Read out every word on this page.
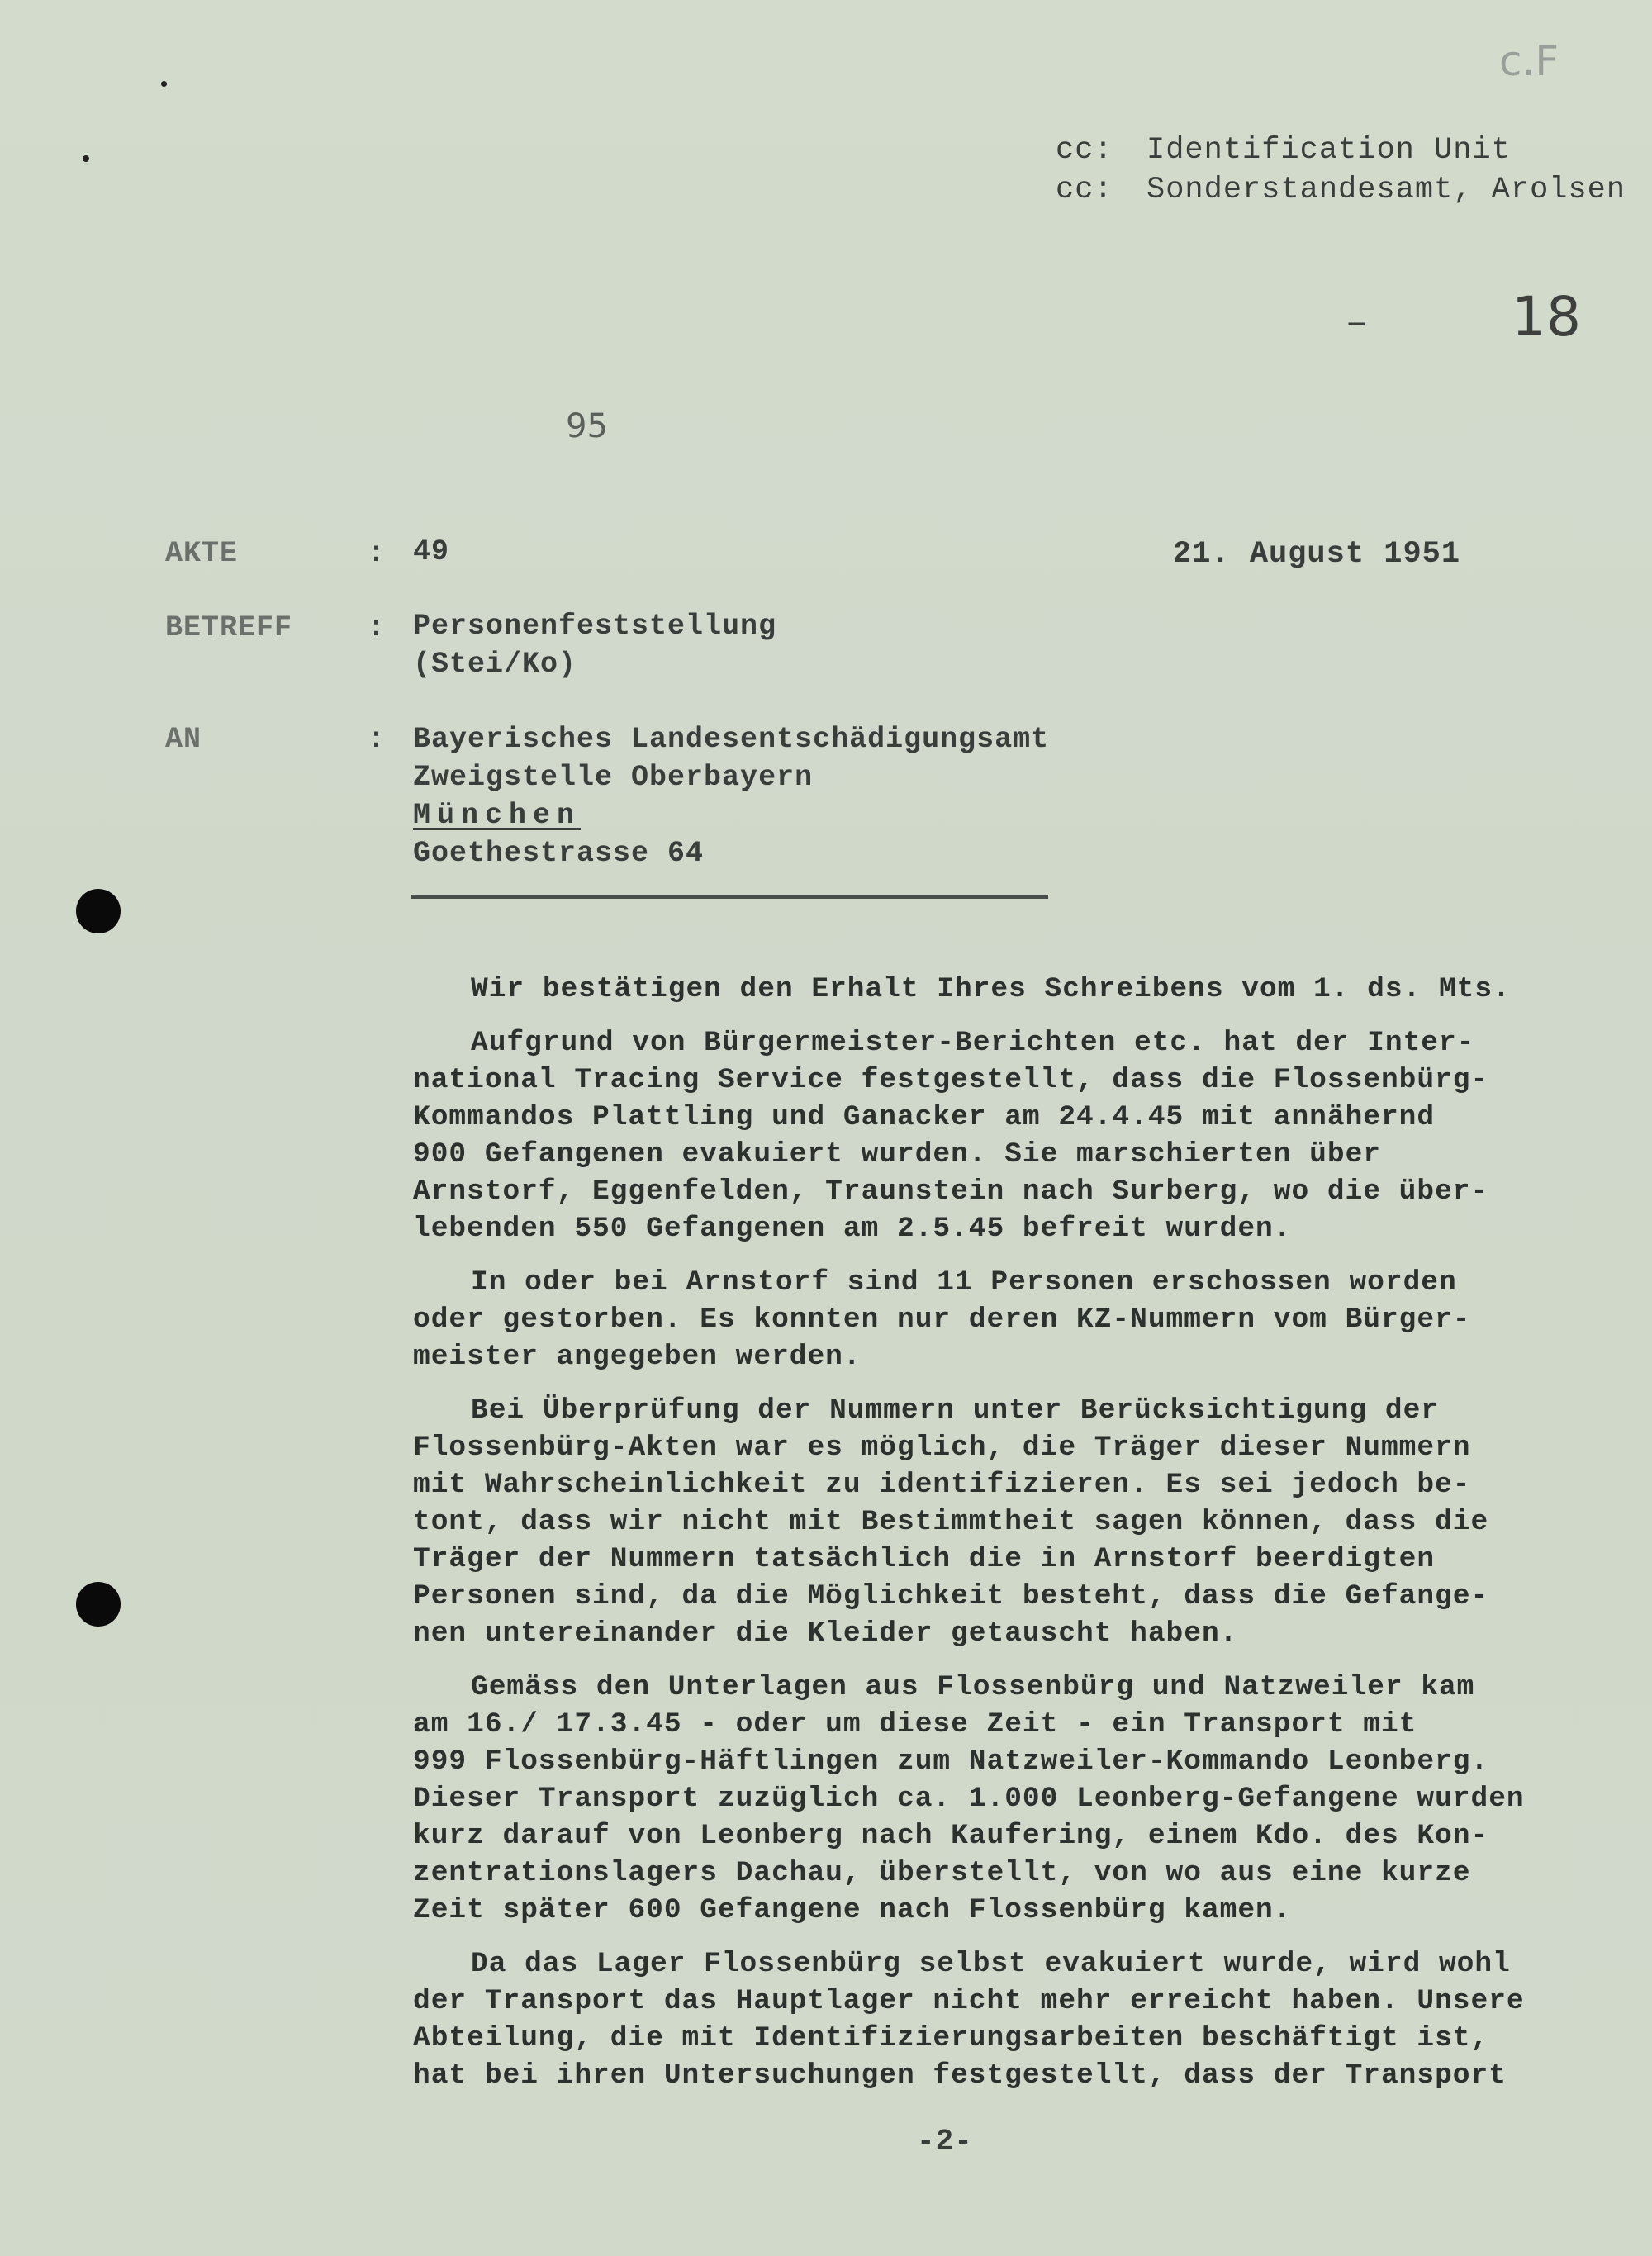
c.F
18
–
95
cc: Identification Unit
cc: Sonderstandesamt, Arolsen
AKTE	: 49	21. August 1951
BETREFF	: Personenfeststellung
(Stei/Ko)
AN	: Bayerisches Landesentschädigungsamt
Zweigstelle Oberbayern
München
Goethestrasse 64

Wir bestätigen den Erhalt Ihres Schreibens vom 1. ds. Mts.

Aufgrund von Bürgermeister-Berichten etc. hat der Inter-
national Tracing Service festgestellt, dass die Flossenbürg-
Kommandos Plattling und Ganacker am 24.4.45 mit annähernd
900 Gefangenen evakuiert wurden. Sie marschierten über
Arnstorf, Eggenfelden, Traunstein nach Surberg, wo die über-
lebenden 550 Gefangenen am 2.5.45 befreit wurden.

In oder bei Arnstorf sind 11 Personen erschossen worden
oder gestorben. Es konnten nur deren KZ-Nummern vom Bürger-
meister angegeben werden.

Bei Überprüfung der Nummern unter Berücksichtigung der
Flossenbürg-Akten war es möglich, die Träger dieser Nummern
mit Wahrscheinlichkeit zu identifizieren. Es sei jedoch be-
tont, dass wir nicht mit Bestimmtheit sagen können, dass die
Träger der Nummern tatsächlich die in Arnstorf beerdigten
Personen sind, da die Möglichkeit besteht, dass die Gefange-
nen untereinander die Kleider getauscht haben.

Gemäss den Unterlagen aus Flossenbürg und Natzweiler kam
am 16./ 17.3.45 - oder um diese Zeit - ein Transport mit
999 Flossenbürg-Häftlingen zum Natzweiler-Kommando Leonberg.
Dieser Transport zuzüglich ca. 1.000 Leonberg-Gefangene wurden
kurz darauf von Leonberg nach Kaufering, einem Kdo. des Kon-
zentrationslagers Dachau, überstellt, von wo aus eine kurze
Zeit später 600 Gefangene nach Flossenbürg kamen.

Da das Lager Flossenbürg selbst evakuiert wurde, wird wohl
der Transport das Hauptlager nicht mehr erreicht haben. Unsere
Abteilung, die mit Identifizierungsarbeiten beschäftigt ist,
hat bei ihren Untersuchungen festgestellt, dass der Transport

-2-
